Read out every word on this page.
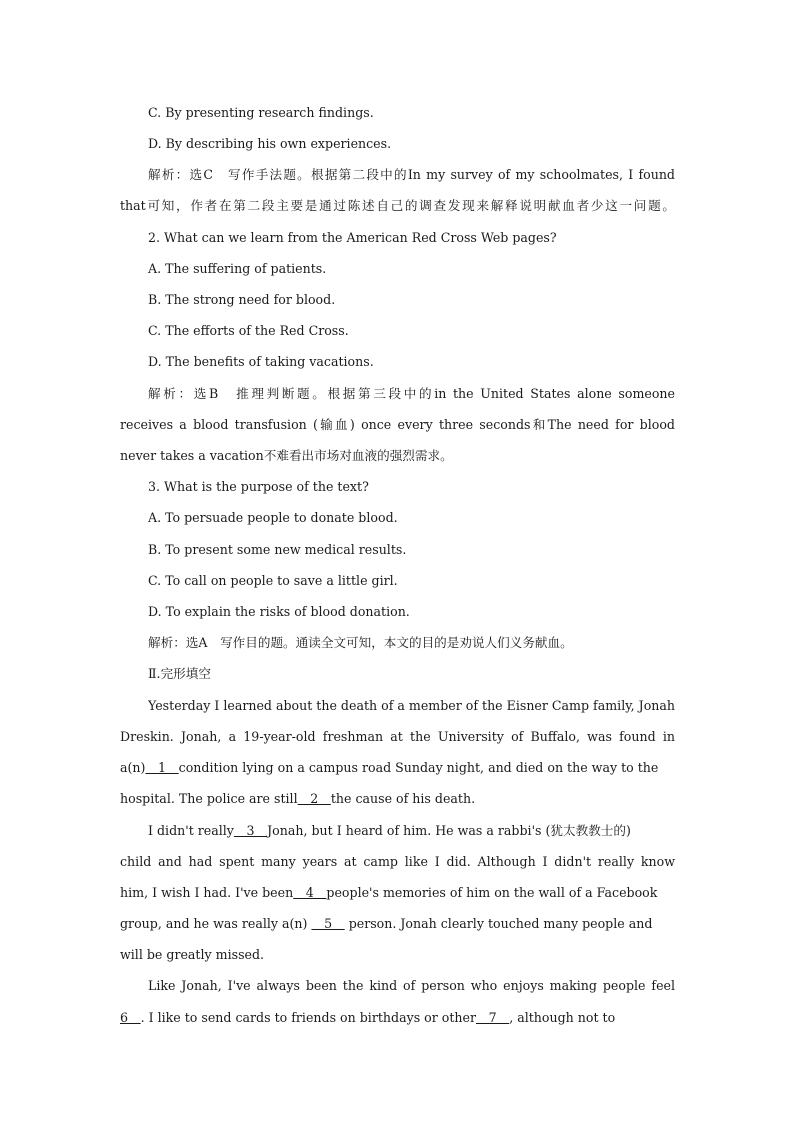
C. By presenting research findings.
D. By describing his own experiences.
解析：选C　写作手法题。根据第二段中的In my survey of my schoolmates, I found
that可知，作者在第二段主要是通过陈述自己的调查发现来解释说明献血者少这一问题。
2. What can we learn from the American Red Cross Web pages?
A. The suffering of patients.
B. The strong need for blood.
C. The efforts of the Red Cross.
D. The benefits of taking vacations.
解析：选B　推理判断题。根据第三段中的in the United States alone someone
receives a blood transfusion (输血) once every three seconds和The need for blood
never takes a vacation不难看出市场对血液的强烈需求。
3. What is the purpose of the text?
A. To persuade people to donate blood.
B. To present some new medical results.
C. To call on people to save a little girl.
D. To explain the risks of blood donation.
解析：选A　写作目的题。通读全文可知，本文的目的是劝说人们义务献血。
Ⅱ.完形填空
Yesterday I learned about the death of a member of the Eisner Camp family, Jonah
Dreskin. Jonah, a 19-year-old freshman at the University of Buffalo, was found in
a(n)　1　condition lying on a campus road Sunday night, and died on the way to the
hospital. The police are still　2　the cause of his death.
I didn't really　3　Jonah, but I heard of him. He was a rabbi's (犹太教教士的)
child and had spent many years at camp like I did. Although I didn't really know
him, I wish I had. I've been　4　people's memories of him on the wall of a Facebook
group, and he was really a(n) 　5　 person. Jonah clearly touched many people and
will be greatly missed.
Like Jonah, I've always been the kind of person who enjoys making people feel
6　. I like to send cards to friends on birthdays or other　7　, although not to
